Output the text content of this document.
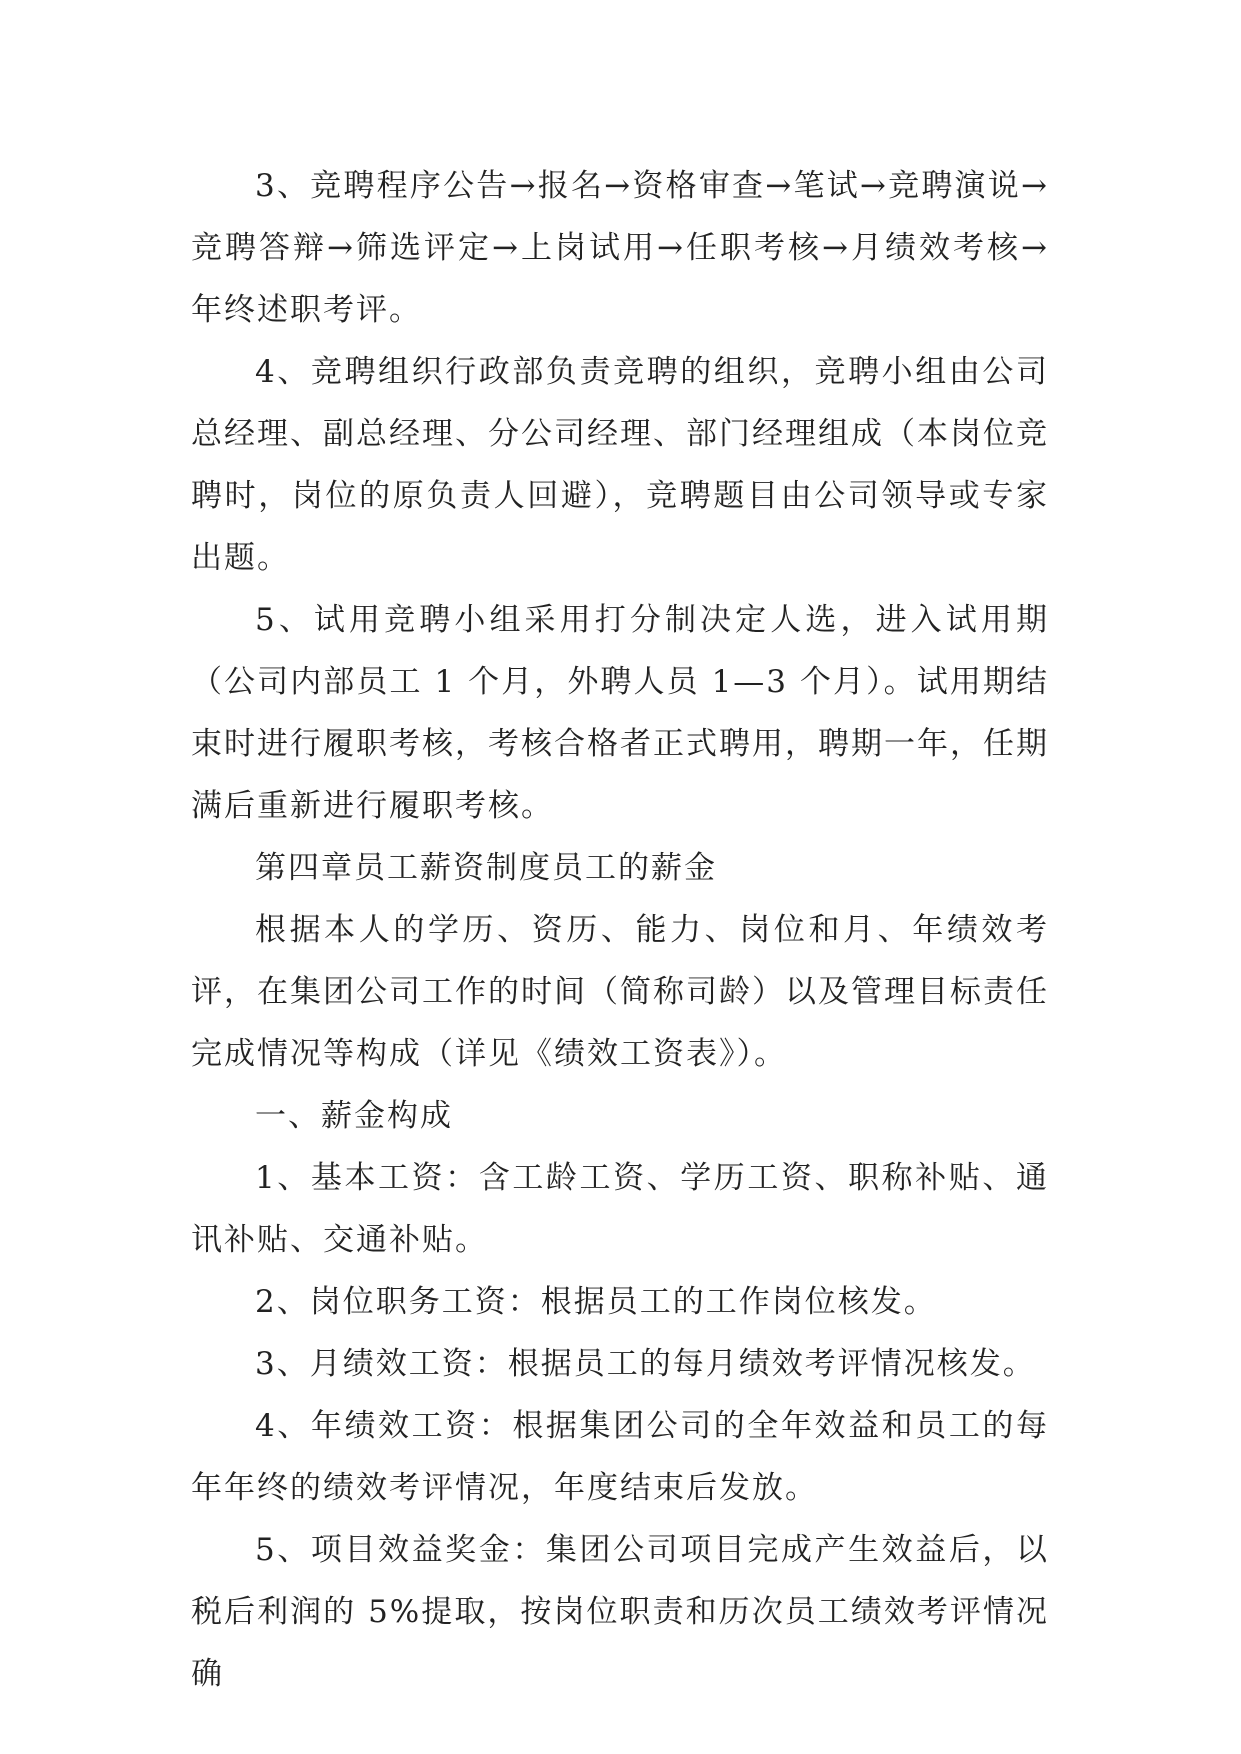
3、竞聘程序公告→报名→资格审查→笔试→竞聘演说→竞聘答辩→筛选评定→上岗试用→任职考核→月绩效考核→年终述职考评。

4、竞聘组织行政部负责竞聘的组织，竞聘小组由公司总经理、副总经理、分公司经理、部门经理组成（本岗位竞聘时，岗位的原负责人回避），竞聘题目由公司领导或专家出题。

5、试用竞聘小组采用打分制决定人选，进入试用期（公司内部员工 1 个月，外聘人员 1—3 个月）。试用期结束时进行履职考核，考核合格者正式聘用，聘期一年，任期满后重新进行履职考核。

第四章员工薪资制度员工的薪金

根据本人的学历、资历、能力、岗位和月、年绩效考评，在集团公司工作的时间（简称司龄）以及管理目标责任完成情况等构成（详见《绩效工资表》）。

一、薪金构成

1、基本工资：含工龄工资、学历工资、职称补贴、通讯补贴、交通补贴。

2、岗位职务工资：根据员工的工作岗位核发。

3、月绩效工资：根据员工的每月绩效考评情况核发。

4、年绩效工资：根据集团公司的全年效益和员工的每年年终的绩效考评情况，年度结束后发放。

5、项目效益奖金：集团公司项目完成产生效益后，以税后利润的 5%提取，按岗位职责和历次员工绩效考评情况确
